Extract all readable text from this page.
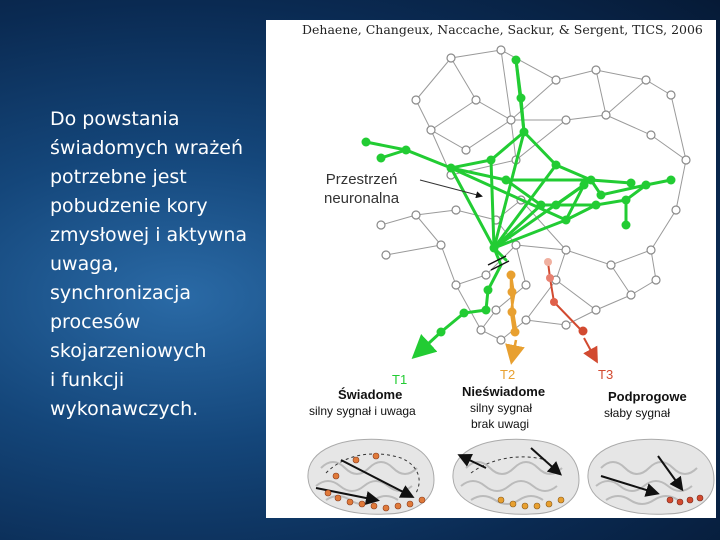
Do powstania
świadomych wrażeń
potrzebne jest
pobudzenie kory
zmysłowej i aktywna
uwaga,
synchronizacja
procesów
skojarzeniowych
i funkcji
wykonawczych.
Dehaene, Changeux, Naccache, Sackur, & Sergent, TICS, 2006
Przestrzeń
neuronalna
T1	T2	T3
Świadome
silny sygnał i uwaga
Nieświadome
silny sygnał
brak uwagi
Podprogowe
słaby sygnał
